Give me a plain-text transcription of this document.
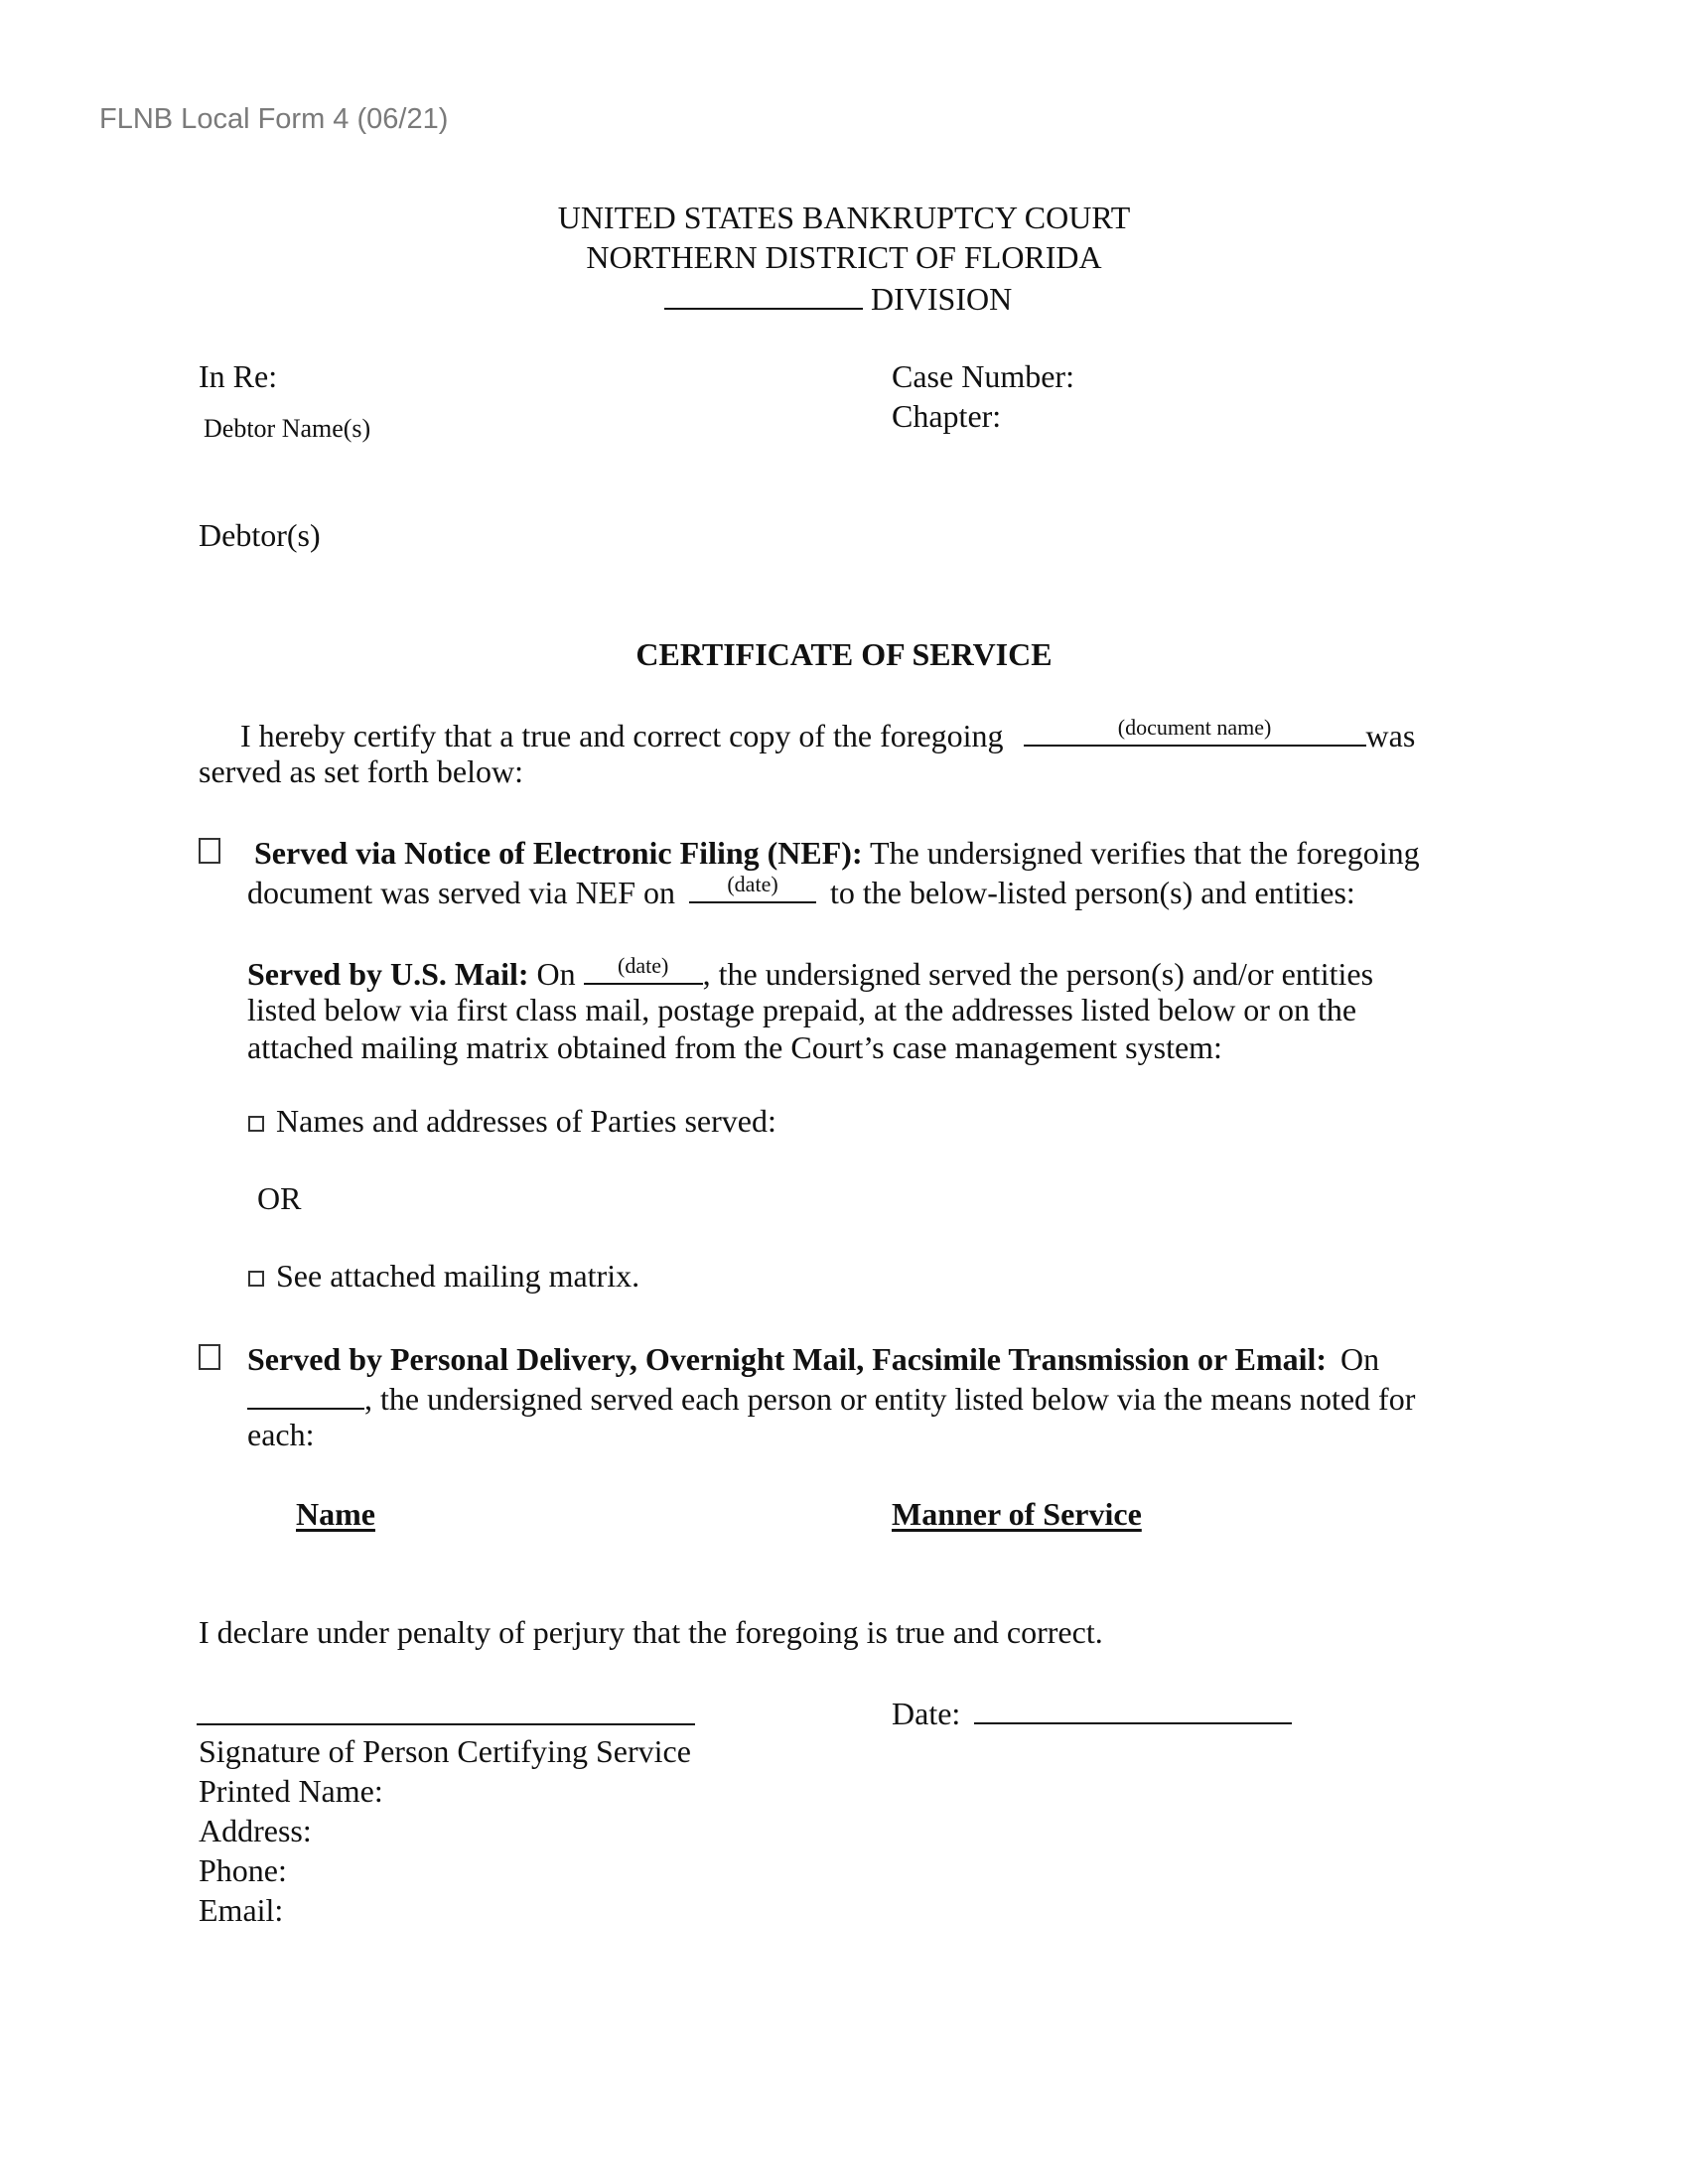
FLNB Local Form 4 (06/21)
UNITED STATES BANKRUPTCY COURT
NORTHERN DISTRICT OF FLORIDA
DIVISION
In Re:
Debtor Name(s)
Case Number:
Chapter:
Debtor(s)
CERTIFICATE OF SERVICE
I hereby certify that a true and correct copy of the foregoing	(document name)	was
served as set forth below:
Served via Notice of Electronic Filing (NEF): The undersigned verifies that the foregoing
document was served via NEF on	(date)	to the below-listed person(s) and entities:
Served by U.S. Mail: On	(date)	, the undersigned served the person(s) and/or entities
listed below via first class mail, postage prepaid, at the addresses listed below or on the
attached mailing matrix obtained from the Court’s case management system:
Names and addresses of Parties served:
OR
See attached mailing matrix.
Served by Personal Delivery, Overnight Mail, Facsimile Transmission or Email: On
, the undersigned served each person or entity listed below via the means noted for
each:
Name	Manner of Service
I declare under penalty of perjury that the foregoing is true and correct.
Date:
Signature of Person Certifying Service
Printed Name:
Address:
Phone:
Email:
